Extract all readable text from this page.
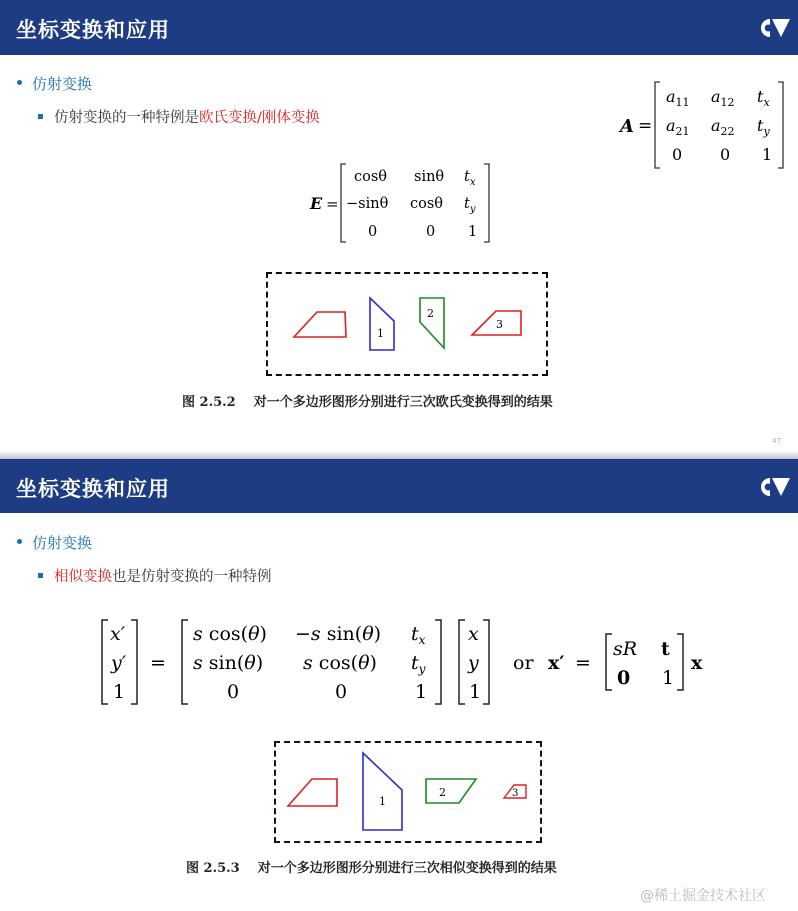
坐标变换和应用
仿射变换
仿射变换的一种特例是欧氏变换/刚体变换	A =
$a_{11}$ $a_{12}$ $t_x$
$a_{21}$ $a_{22}$ $t_y$
0 0 1
E =
cosθ sinθ $t_x$
−sinθ cosθ $t_y$
0	0 1
1
2
3
图 2.5.2 对一个多边形图形分别进行三次欧氏变换得到的结果
47
坐标变换和应用
仿射变换
相似变换也是仿射变换的一种特例
x′
y′
1
=
s cos(θ) −s sin(θ) $t_x$
s sin(θ) s cos(θ) $t_y$
0	0	1
x
y
1
or x′ =
sR t
0 1
x
1
2	3
图 2.5.3 对一个多边形图形分别进行三次相似变换得到的结果
@稀土掘金技术社区
